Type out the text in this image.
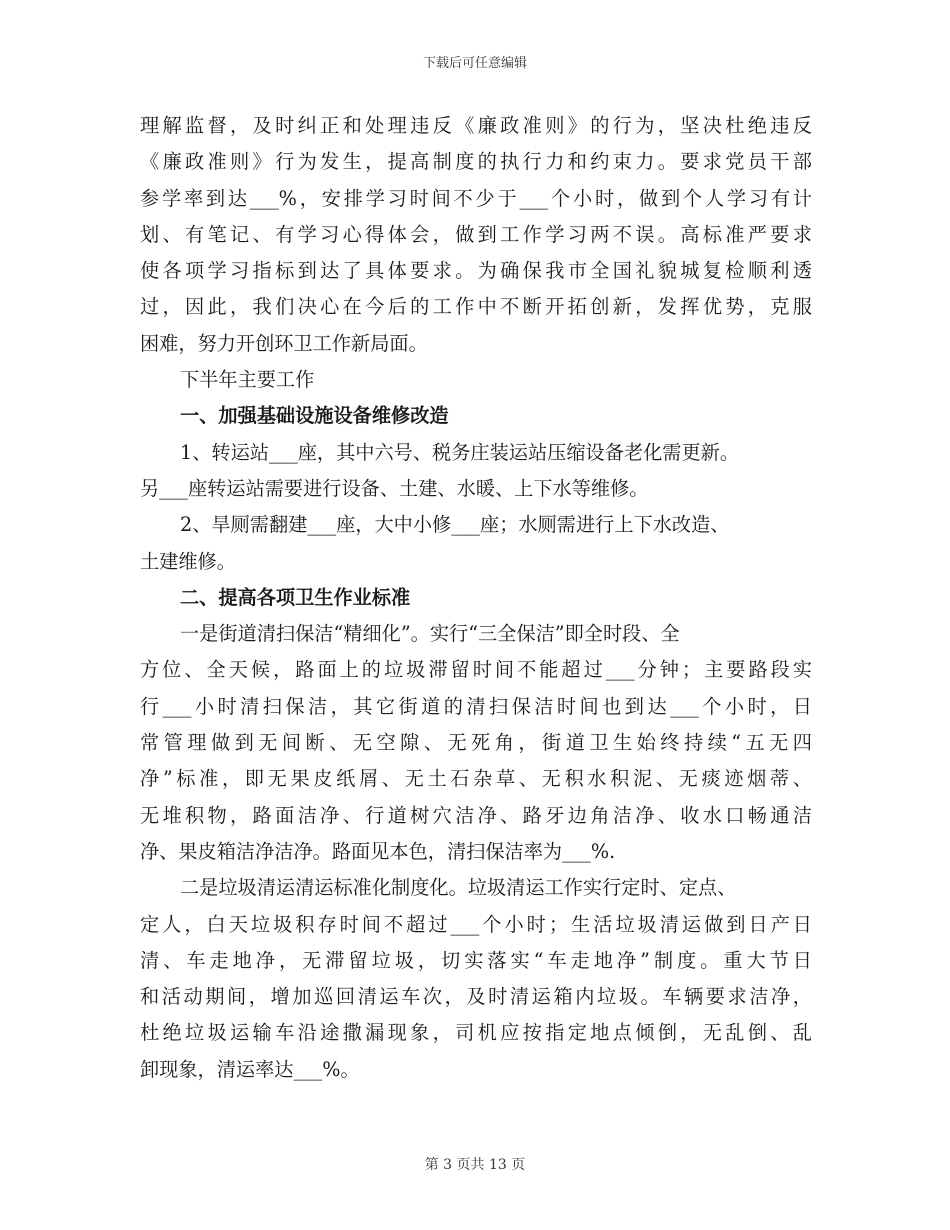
下载后可任意编辑
理解监督，及时纠正和处理违反《廉政准则》的行为，坚决杜绝违反
《廉政准则》行为发生，提高制度的执行力和约束力。要求党员干部
参学率到达___%，安排学习时间不少于___个小时，做到个人学习有计
划、有笔记、有学习心得体会，做到工作学习两不误。高标准严要求
使各项学习指标到达了具体要求。为确保我市全国礼貌城复检顺利透
过，因此，我们决心在今后的工作中不断开拓创新，发挥优势，克服
困难，努力开创环卫工作新局面。
下半年主要工作
一、加强基础设施设备维修改造
1、转运站___座，其中六号、税务庄装运站压缩设备老化需更新。
另___座转运站需要进行设备、土建、水暖、上下水等维修。
2、旱厕需翻建___座，大中小修___座；水厕需进行上下水改造、
土建维修。
二、提高各项卫生作业标准
一是街道清扫保洁“精细化”。实行“三全保洁”即全时段、全
方位、全天候，路面上的垃圾滞留时间不能超过___分钟；主要路段实
行___小时清扫保洁，其它街道的清扫保洁时间也到达___个小时，日
常管理做到无间断、无空隙、无死角，街道卫生始终持续“五无四
净”标准，即无果皮纸屑、无土石杂草、无积水积泥、无痰迹烟蒂、
无堆积物，路面洁净、行道树穴洁净、路牙边角洁净、收水口畅通洁
净、果皮箱洁净洁净。路面见本色，清扫保洁率为___%.
二是垃圾清运清运标准化制度化。垃圾清运工作实行定时、定点、
定人，白天垃圾积存时间不超过___个小时；生活垃圾清运做到日产日
清、车走地净，无滞留垃圾，切实落实“车走地净”制度。重大节日
和活动期间，增加巡回清运车次，及时清运箱内垃圾。车辆要求洁净，
杜绝垃圾运输车沿途撒漏现象，司机应按指定地点倾倒，无乱倒、乱
卸现象，清运率达___%。
第 3 页共 13 页
